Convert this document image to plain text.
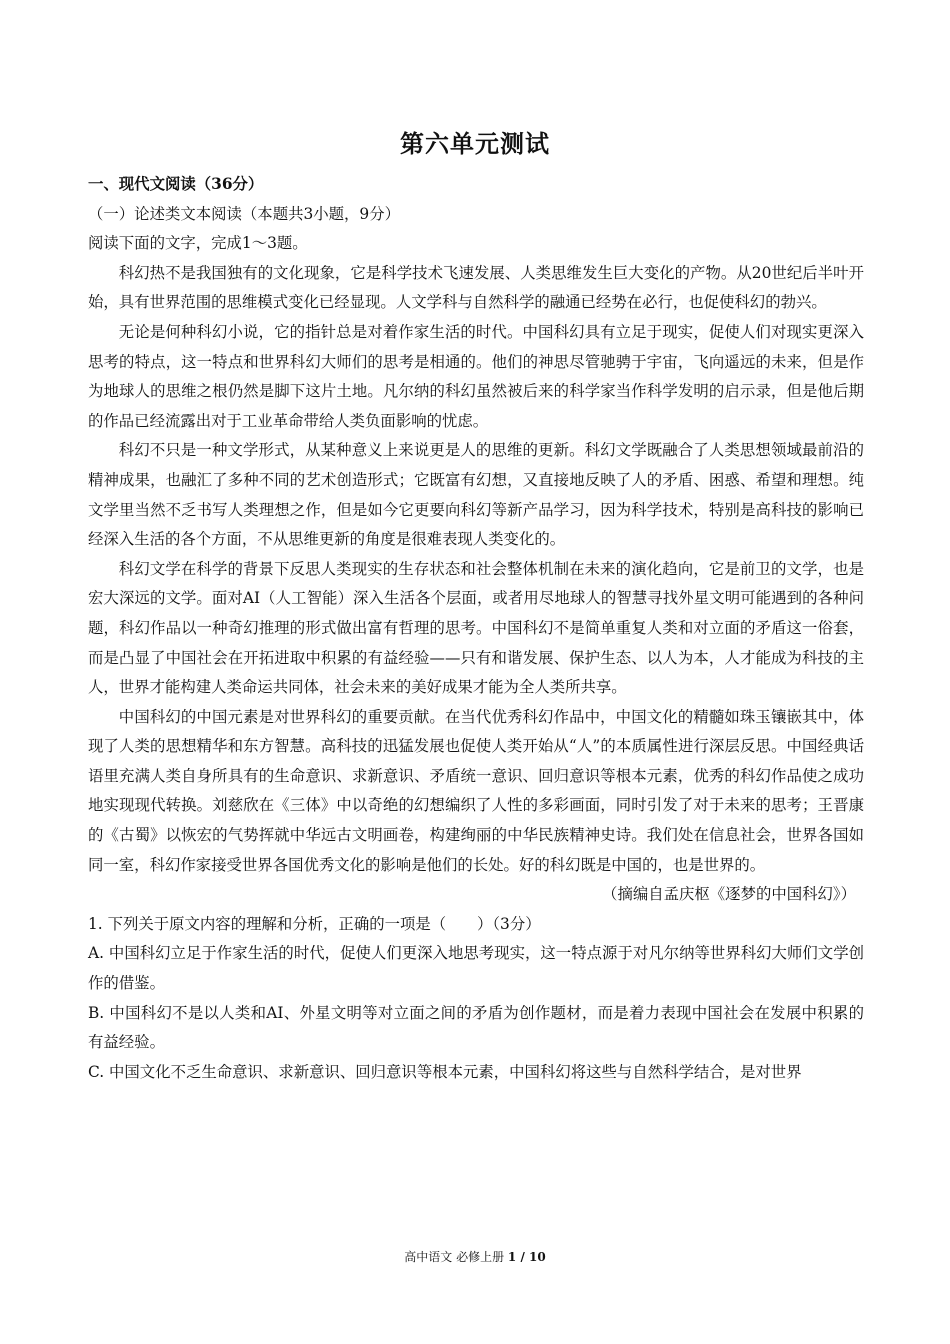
第六单元测试
一、现代文阅读（36分）
（一）论述类文本阅读（本题共3小题，9分）
阅读下面的文字，完成1～3题。

科幻热不是我国独有的文化现象，它是科学技术飞速发展、人类思维发生巨大变化的产物。从20世纪后半叶开始，具有世界范围的思维模式变化已经显现。人文学科与自然科学的融通已经势在必行，也促使科幻的勃兴。

无论是何种科幻小说，它的指针总是对着作家生活的时代。中国科幻具有立足于现实，促使人们对现实更深入思考的特点，这一特点和世界科幻大师们的思考是相通的。他们的神思尽管驰骋于宇宙，飞向遥远的未来，但是作为地球人的思维之根仍然是脚下这片土地。凡尔纳的科幻虽然被后来的科学家当作科学发明的启示录，但是他后期的作品已经流露出对于工业革命带给人类负面影响的忧虑。

科幻不只是一种文学形式，从某种意义上来说更是人的思维的更新。科幻文学既融合了人类思想领域最前沿的精神成果，也融汇了多种不同的艺术创造形式；它既富有幻想，又直接地反映了人的矛盾、困惑、希望和理想。纯文学里当然不乏书写人类理想之作，但是如今它更要向科幻等新产品学习，因为科学技术，特别是高科技的影响已经深入生活的各个方面，不从思维更新的角度是很难表现人类变化的。

科幻文学在科学的背景下反思人类现实的生存状态和社会整体机制在未来的演化趋向，它是前卫的文学，也是宏大深远的文学。面对AI（人工智能）深入生活各个层面，或者用尽地球人的智慧寻找外星文明可能遇到的各种问题，科幻作品以一种奇幻推理的形式做出富有哲理的思考。中国科幻不是简单重复人类和对立面的矛盾这一俗套，而是凸显了中国社会在开拓进取中积累的有益经验——只有和谐发展、保护生态、以人为本，人才能成为科技的主人，世界才能构建人类命运共同体，社会未来的美好成果才能为全人类所共享。

中国科幻的中国元素是对世界科幻的重要贡献。在当代优秀科幻作品中，中国文化的精髓如珠玉镶嵌其中，体现了人类的思想精华和东方智慧。高科技的迅猛发展也促使人类开始从“人”的本质属性进行深层反思。中国经典话语里充满人类自身所具有的生命意识、求新意识、矛盾统一意识、回归意识等根本元素，优秀的科幻作品使之成功地实现现代转换。刘慈欣在《三体》中以奇绝的幻想编织了人性的多彩画面，同时引发了对于未来的思考；王晋康的《古蜀》以恢宏的气势挥就中华远古文明画卷，构建绚丽的中华民族精神史诗。我们处在信息社会，世界各国如同一室，科幻作家接受世界各国优秀文化的影响是他们的长处。好的科幻既是中国的，也是世界的。

（摘编自孟庆枢《逐梦的中国科幻》）

1. 下列关于原文内容的理解和分析，正确的一项是（　　）（3分）

A. 中国科幻立足于作家生活的时代，促使人们更深入地思考现实，这一特点源于对凡尔纳等世界科幻大师们文学创作的借鉴。

B. 中国科幻不是以人类和AI、外星文明等对立面之间的矛盾为创作题材，而是着力表现中国社会在发展中积累的有益经验。

C. 中国文化不乏生命意识、求新意识、回归意识等根本元素，中国科幻将这些与自然科学结合，是对世界

高中语文 必修上册 1 / 10
